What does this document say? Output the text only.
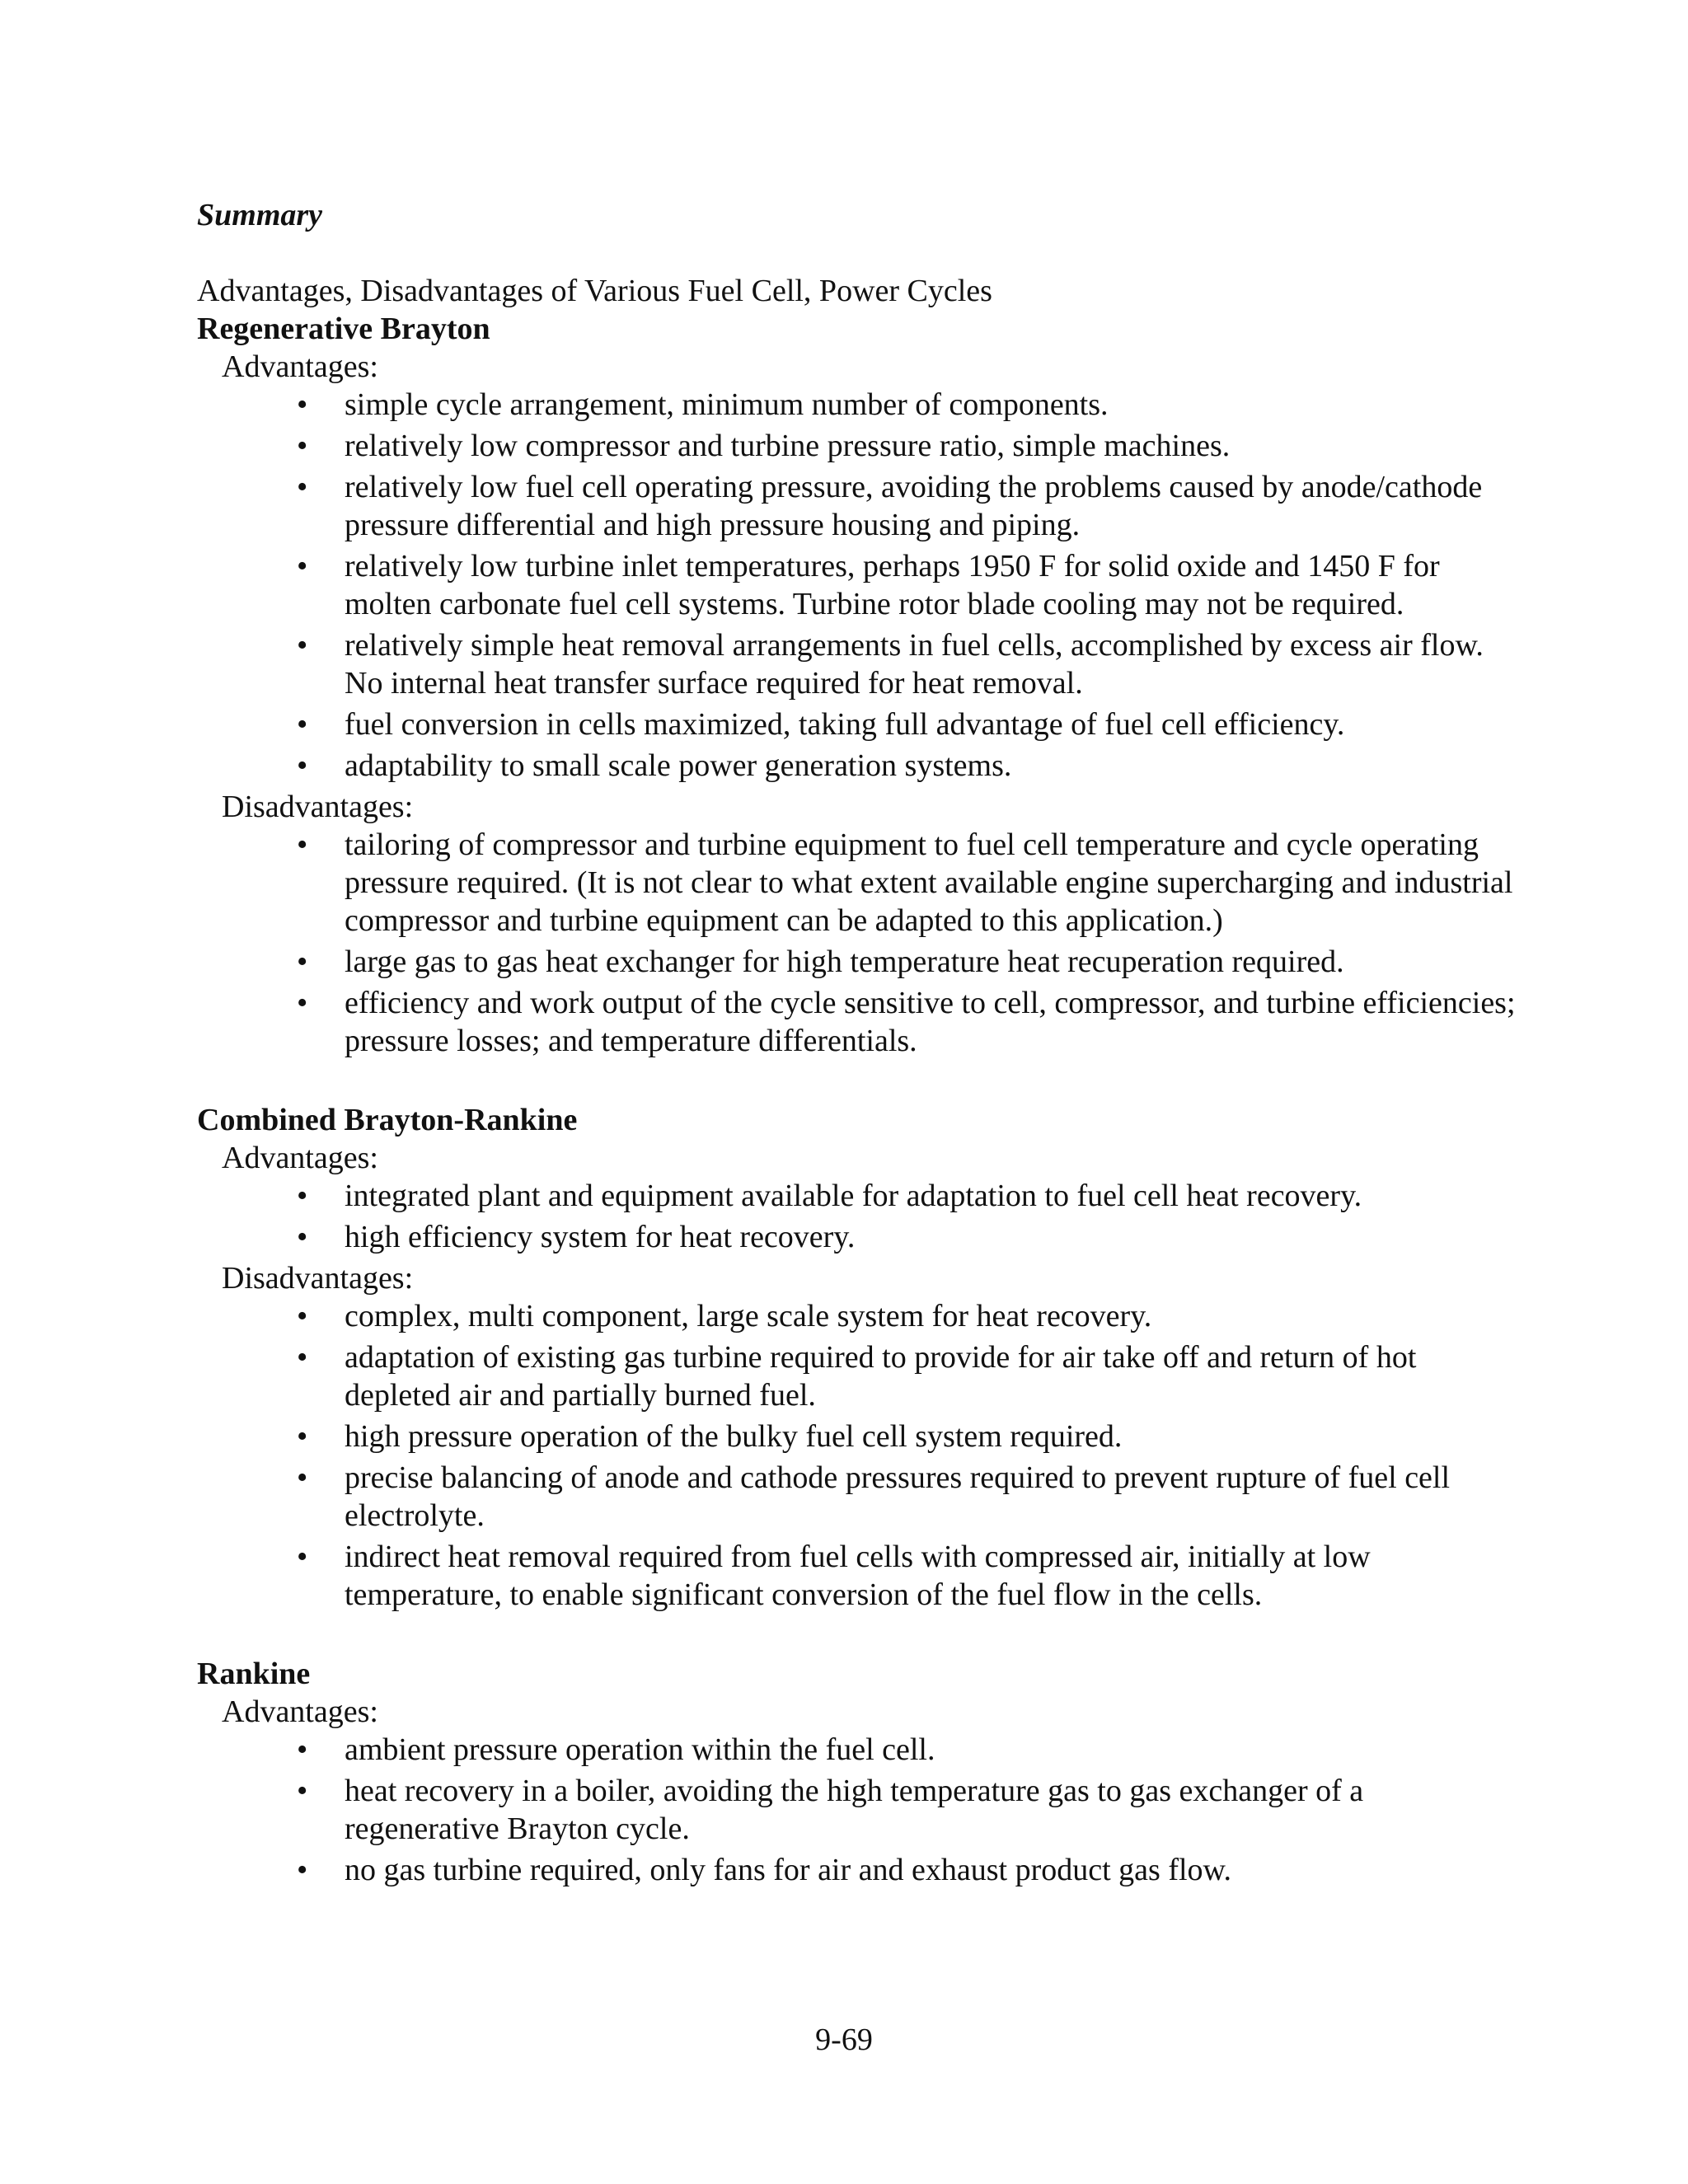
Summary

Advantages, Disadvantages of Various Fuel Cell, Power Cycles

Regenerative Brayton

Advantages:

• simple cycle arrangement, minimum number of components.
• relatively low compressor and turbine pressure ratio, simple machines.
• relatively low fuel cell operating pressure, avoiding the problems caused by anode/cathode pressure differential and high pressure housing and piping.
• relatively low turbine inlet temperatures, perhaps 1950 F for solid oxide and 1450 F for molten carbonate fuel cell systems. Turbine rotor blade cooling may not be required.
• relatively simple heat removal arrangements in fuel cells, accomplished by excess air flow. No internal heat transfer surface required for heat removal.
• fuel conversion in cells maximized, taking full advantage of fuel cell efficiency.
• adaptability to small scale power generation systems.

Disadvantages:

• tailoring of compressor and turbine equipment to fuel cell temperature and cycle operating pressure required. (It is not clear to what extent available engine supercharging and industrial compressor and turbine equipment can be adapted to this application.)
• large gas to gas heat exchanger for high temperature heat recuperation required.
• efficiency and work output of the cycle sensitive to cell, compressor, and turbine efficiencies; pressure losses; and temperature differentials.

Combined Brayton-Rankine

Advantages:

• integrated plant and equipment available for adaptation to fuel cell heat recovery.
• high efficiency system for heat recovery.

Disadvantages:

• complex, multi component, large scale system for heat recovery.
• adaptation of existing gas turbine required to provide for air take off and return of hot depleted air and partially burned fuel.
• high pressure operation of the bulky fuel cell system required.
• precise balancing of anode and cathode pressures required to prevent rupture of fuel cell electrolyte.
• indirect heat removal required from fuel cells with compressed air, initially at low temperature, to enable significant conversion of the fuel flow in the cells.

Rankine

Advantages:

• ambient pressure operation within the fuel cell.
• heat recovery in a boiler, avoiding the high temperature gas to gas exchanger of a regenerative Brayton cycle.
• no gas turbine required, only fans for air and exhaust product gas flow.
9-69
